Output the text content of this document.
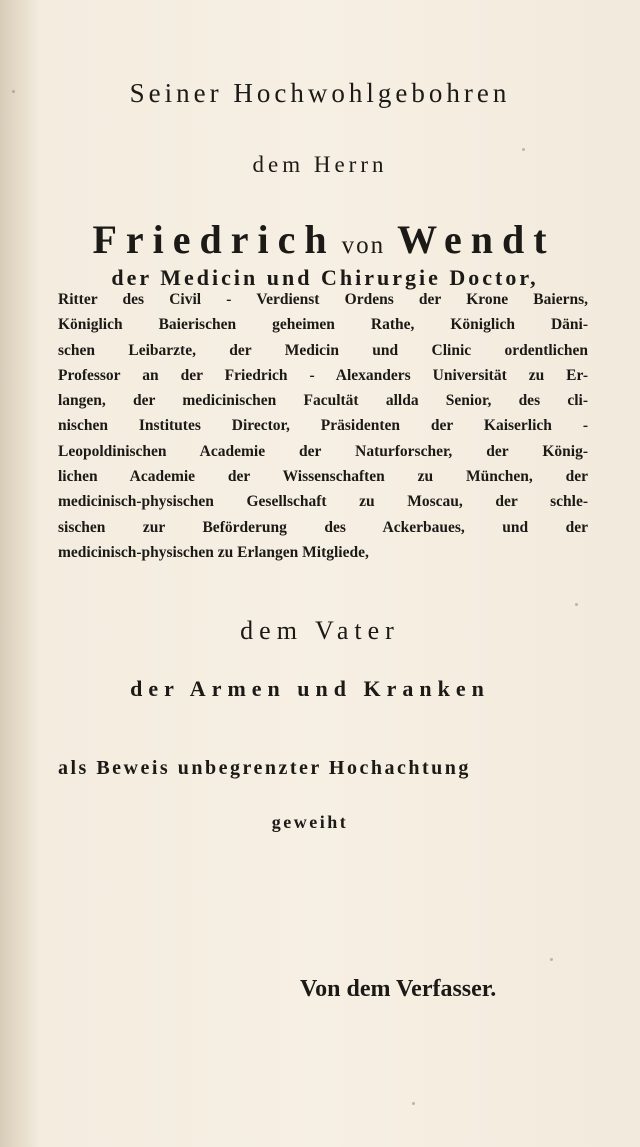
Seiner Hochwohlgebohren
dem Herrn
Friedrich von Wendt
der Medicin und Chirurgie Doctor,
Ritter des Civil - Verdienst Ordens der Krone Baierns,
Königlich Baierischen geheimen Rathe, Königlich Däni-
schen Leibarzte, der Medicin und Clinic ordentlichen
Professor an der Friedrich - Alexanders Universität zu Er-
langen, der medicinischen Facultät allda Senior, des cli-
nischen Institutes Director, Präsidenten der Kaiserlich -
Leopoldinischen Academie der Naturforscher, der König-
lichen Academie der Wissenschaften zu München, der
medicinisch-physischen Gesellschaft zu Moscau, der schle-
sischen zur Beförderung des Ackerbaues, und der
medicinisch-physischen zu Erlangen Mitgliede,
dem Vater
der Armen und Kranken
als Beweis unbegrenzter Hochachtung
geweiht
Von dem Verfasser.
